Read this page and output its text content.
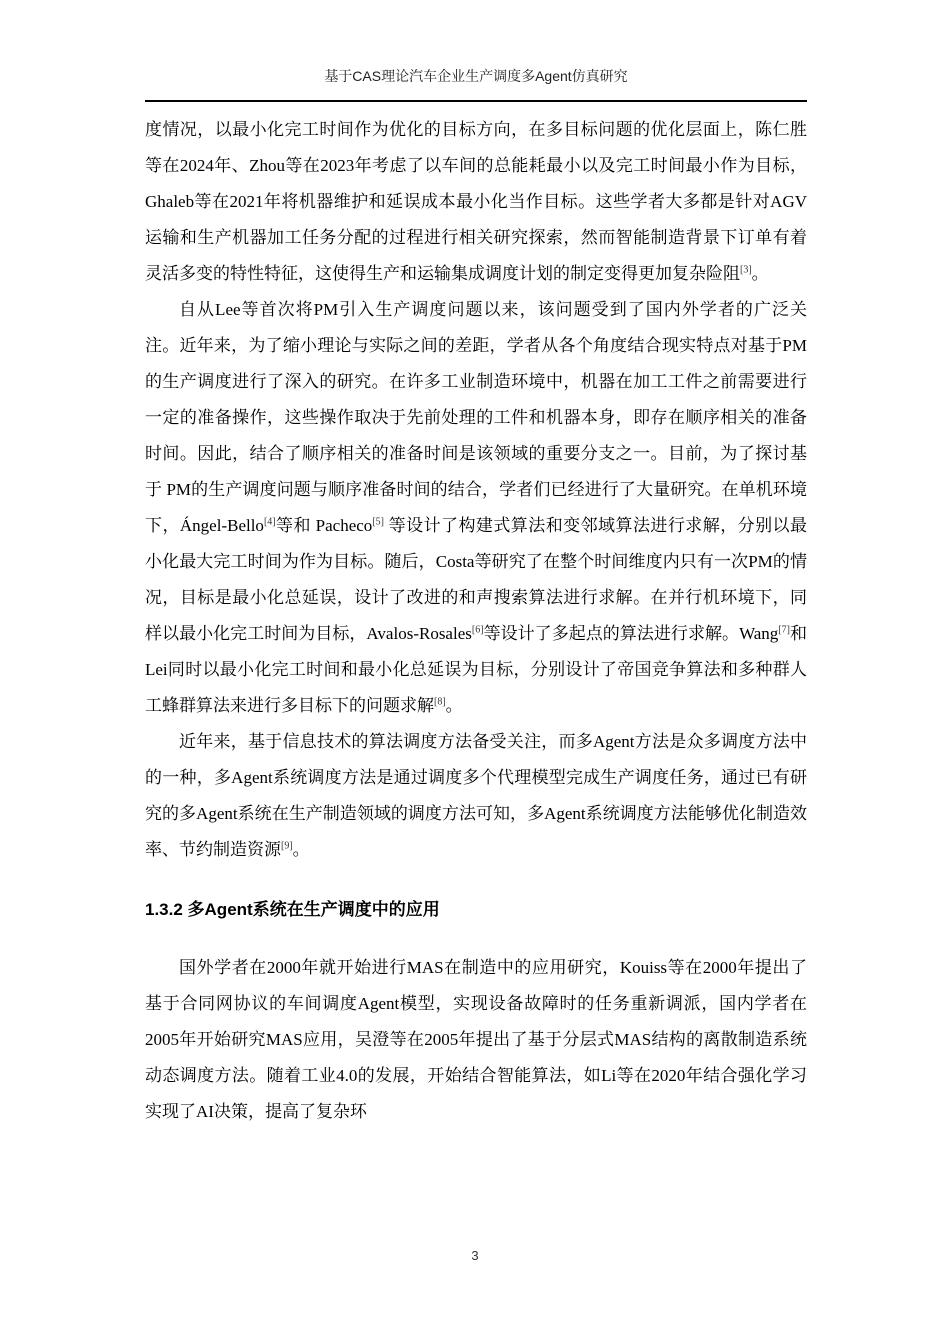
基于CAS理论汽车企业生产调度多Agent仿真研究

度情况，以最小化完工时间作为优化的目标方向，在多目标问题的优化层面上，陈仁胜等在2024年、Zhou等在2023年考虑了以车间的总能耗最小以及完工时间最小作为目标，Ghaleb等在2021年将机器维护和延误成本最小化当作目标。这些学者大多都是针对AGV运输和生产机器加工任务分配的过程进行相关研究探索，然而智能制造背景下订单有着灵活多变的特性特征，这使得生产和运输集成调度计划的制定变得更加复杂险阻[3]。

自从Lee等首次将PM引入生产调度问题以来，该问题受到了国内外学者的广泛关注。近年来，为了缩小理论与实际之间的差距，学者从各个角度结合现实特点对基于PM的生产调度进行了深入的研究。在许多工业制造环境中，机器在加工工件之前需要进行一定的准备操作，这些操作取决于先前处理的工件和机器本身，即存在顺序相关的准备时间。因此，结合了顺序相关的准备时间是该领域的重要分支之一。目前，为了探讨基于 PM的生产调度问题与顺序准备时间的结合，学者们已经进行了大量研究。在单机环境下，Ángel-Bello[4]等和 Pacheco[5] 等设计了构建式算法和变邻域算法进行求解，分别以最小化最大完工时间为作为目标。随后，Costa等研究了在整个时间维度内只有一次PM的情况，目标是最小化总延误，设计了改进的和声搜索算法进行求解。在并行机环境下，同样以最小化完工时间为目标，Avalos-Rosales[6]等设计了多起点的算法进行求解。Wang[7]和 Lei同时以最小化完工时间和最小化总延误为目标，分别设计了帝国竞争算法和多种群人工蜂群算法来进行多目标下的问题求解[8]。

近年来，基于信息技术的算法调度方法备受关注，而多Agent方法是众多调度方法中的一种，多Agent系统调度方法是通过调度多个代理模型完成生产调度任务，通过已有研究的多Agent系统在生产制造领域的调度方法可知，多Agent系统调度方法能够优化制造效率、节约制造资源[9]。

1.3.2 多Agent系统在生产调度中的应用

国外学者在2000年就开始进行MAS在制造中的应用研究，Kouiss等在2000年提出了基于合同网协议的车间调度Agent模型，实现设备故障时的任务重新调派，国内学者在2005年开始研究MAS应用，吴澄等在2005年提出了基于分层式MAS结构的离散制造系统动态调度方法。随着工业4.0的发展，开始结合智能算法，如Li等在2020年结合强化学习实现了AI决策，提高了复杂环

3
